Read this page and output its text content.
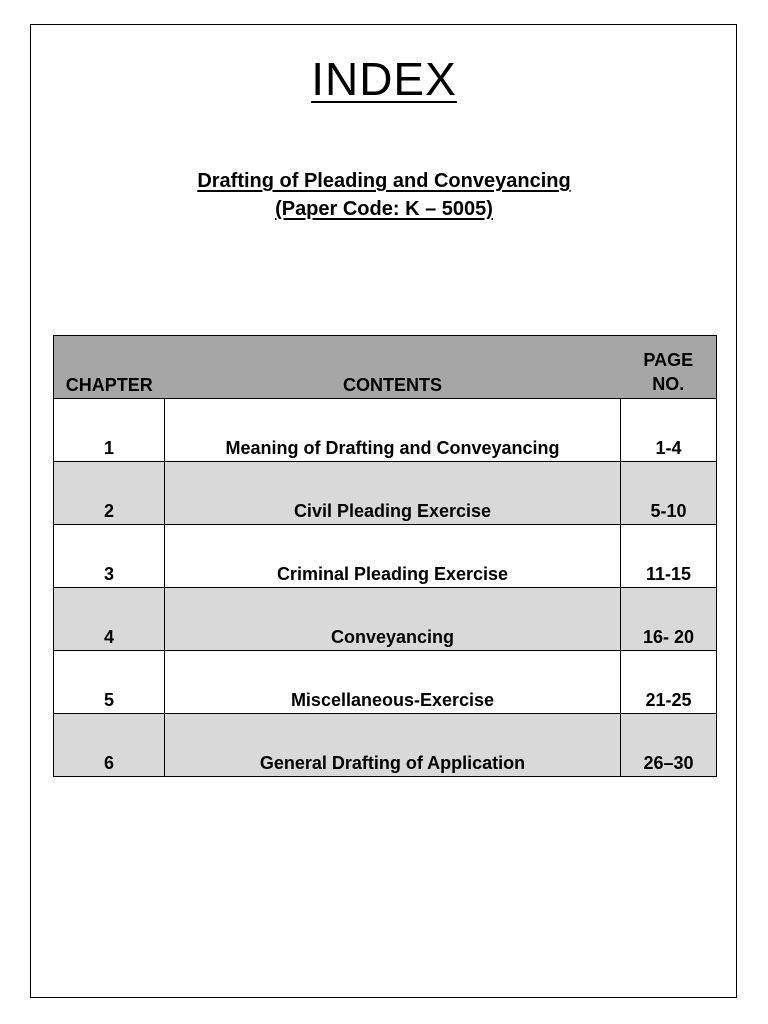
INDEX
Drafting of Pleading and Conveyancing
(Paper Code: K – 5005)
CHAPTER	CONTENTS	PAGE
NO.
1	Meaning of Drafting and Conveyancing	1-4
2	Civil Pleading Exercise	5-10
3	Criminal Pleading Exercise	11-15
4	Conveyancing	16- 20
5	Miscellaneous-Exercise	21-25
6	General Drafting of Application	26–30
